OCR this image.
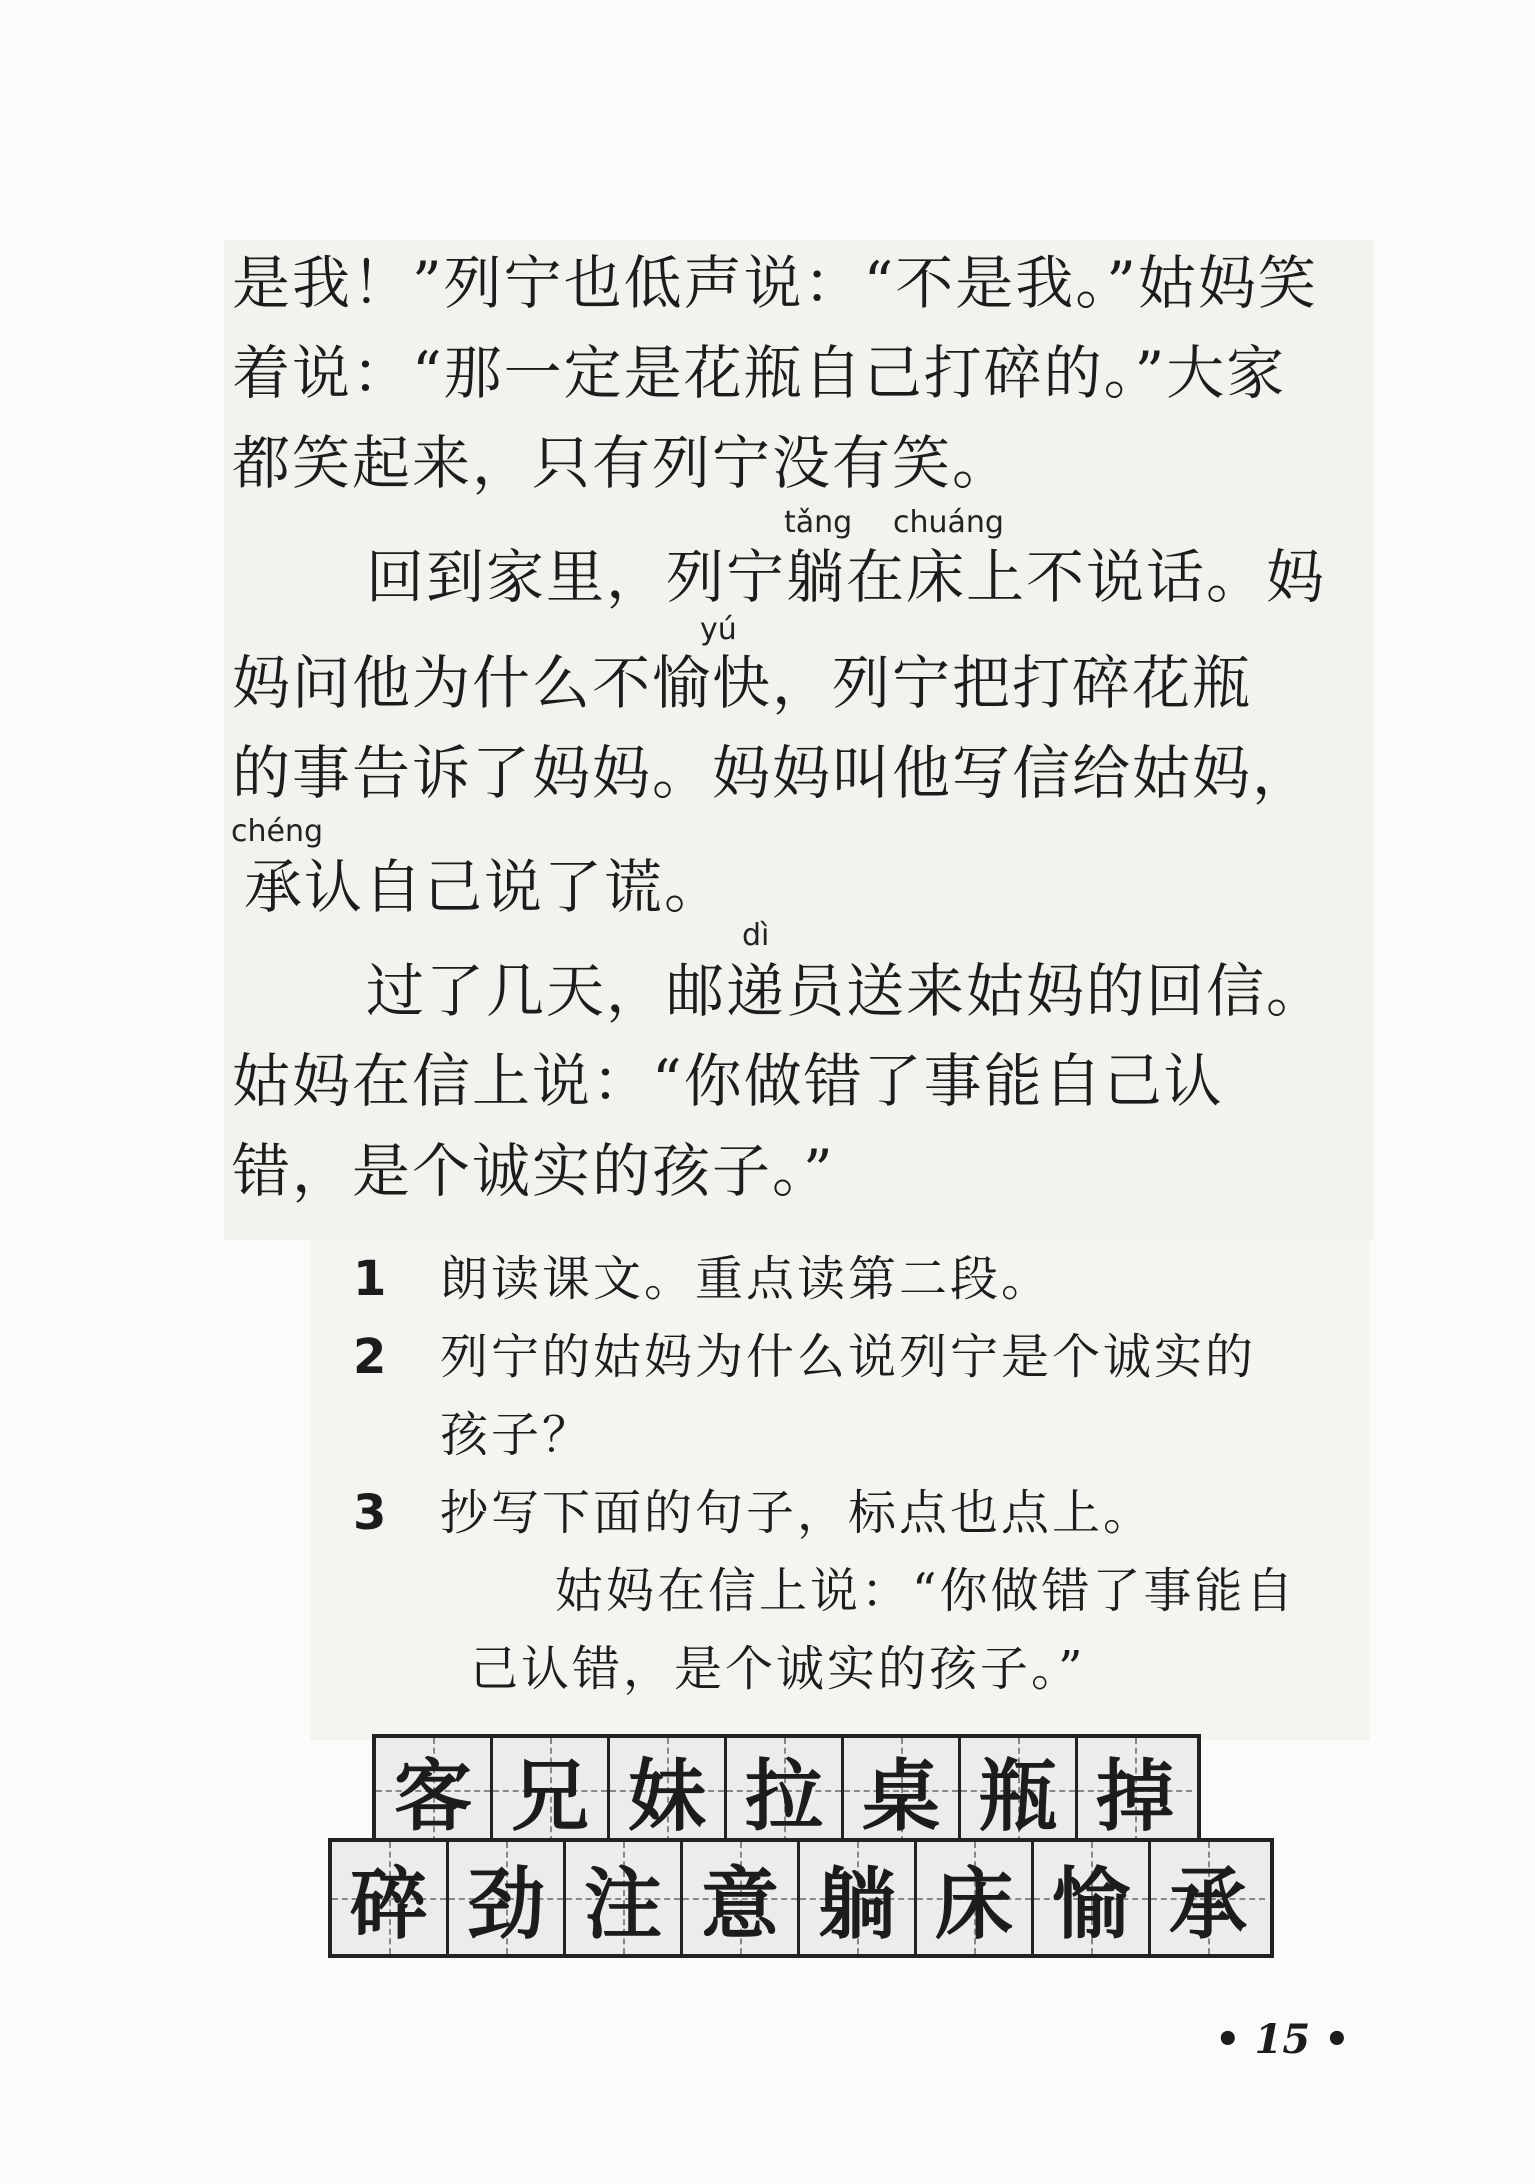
是我！”列宁也低声说：“不是我。”姑妈笑
着说：“那一定是花瓶自己打碎的。”大家
都笑起来，只有列宁没有笑。
tǎng chuáng
回到家里，列宁躺在床上不说话。妈
yú
妈问他为什么不愉快，列宁把打碎花瓶
的事告诉了妈妈。妈妈叫他写信给姑妈，
chéng
承认自己说了谎。
dì
过了几天，邮递员送来姑妈的回信。
姑妈在信上说：“你做错了事能自己认
错，是个诚实的孩子。”
1 朗读课文。重点读第二段。
2 列宁的姑妈为什么说列宁是个诚实的
孩子？
3 抄写下面的句子，标点也点上。
姑妈在信上说：“你做错了事能自
己认错，是个诚实的孩子。”
客 兄 妹 拉 桌 瓶 掉
碎 劲 注 意 躺 床 愉 承
• 15 •
